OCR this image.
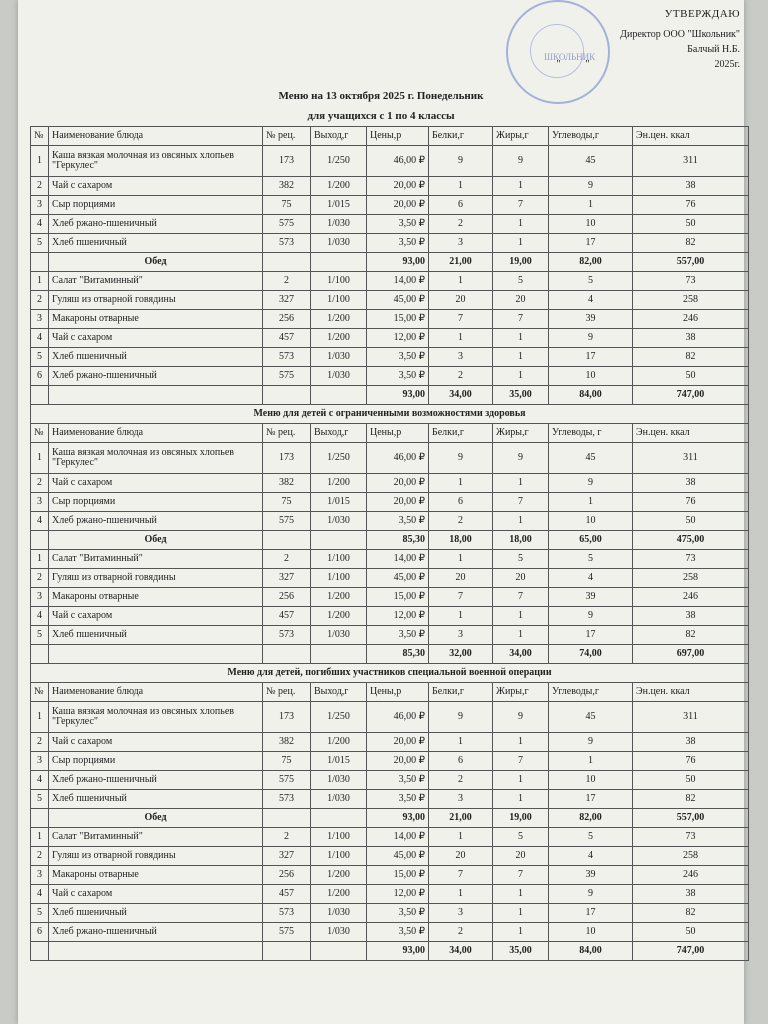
ШКОЛЬНИК
УТВЕРЖДАЮ
Директор ООО "Школьник"
Балчый Н.Б.
"	"	2025г.
Меню на 13 октября 2025 г. Понедельник
для учащихся с 1 по 4 классы
№	Наименование блюда	№ рец.	Выход,г	Цены,р	Белки,г	Жиры,г	Углеводы,г	Эн.цен. ккал
1	Каша вязкая молочная из овсяных хлопьев "Геркулес"	173	1/250	46,00 ₽	9	9	45	311
2	Чай с сахаром	382	1/200	20,00 ₽	1	1	9	38
3	Сыр порциями	75	1/015	20,00 ₽	6	7	1	76
4	Хлеб ржано-пшеничный	575	1/030	3,50 ₽	2	1	10	50
5	Хлеб пшеничный	573	1/030	3,50 ₽	3	1	17	82
	Обед			93,00	21,00	19,00	82,00	557,00
1	Салат "Витаминный"	2	1/100	14,00 ₽	1	5	5	73
2	Гуляш из отварной говядины	327	1/100	45,00 ₽	20	20	4	258
3	Макароны отварные	256	1/200	15,00 ₽	7	7	39	246
4	Чай с сахаром	457	1/200	12,00 ₽	1	1	9	38
5	Хлеб пшеничный	573	1/030	3,50 ₽	3	1	17	82
6	Хлеб ржано-пшеничный	575	1/030	3,50 ₽	2	1	10	50
				93,00	34,00	35,00	84,00	747,00
Меню для детей с ограниченными возможностями здоровья								
№	Наименование блюда	№ рец.	Выход,г	Цены,р	Белки,г	Жиры,г	Углеводы, г	Эн.цен. ккал
1	Каша вязкая молочная из овсяных хлопьев "Геркулес"	173	1/250	46,00 ₽	9	9	45	311
2	Чай с сахаром	382	1/200	20,00 ₽	1	1	9	38
3	Сыр порциями	75	1/015	20,00 ₽	6	7	1	76
4	Хлеб ржано-пшеничный	575	1/030	3,50 ₽	2	1	10	50
	Обед			85,30	18,00	18,00	65,00	475,00
1	Салат "Витаминный"	2	1/100	14,00 ₽	1	5	5	73
2	Гуляш из отварной говядины	327	1/100	45,00 ₽	20	20	4	258
3	Макароны отварные	256	1/200	15,00 ₽	7	7	39	246
4	Чай с сахаром	457	1/200	12,00 ₽	1	1	9	38
5	Хлеб пшеничный	573	1/030	3,50 ₽	3	1	17	82
				85,30	32,00	34,00	74,00	697,00
Меню для детей, погибших участников специальной военной операции								
№	Наименование блюда	№ рец.	Выход,г	Цены,р	Белки,г	Жиры,г	Углеводы,г	Эн.цен. ккал
1	Каша вязкая молочная из овсяных хлопьев "Геркулес"	173	1/250	46,00 ₽	9	9	45	311
2	Чай с сахаром	382	1/200	20,00 ₽	1	1	9	38
3	Сыр порциями	75	1/015	20,00 ₽	6	7	1	76
4	Хлеб ржано-пшеничный	575	1/030	3,50 ₽	2	1	10	50
5	Хлеб пшеничный	573	1/030	3,50 ₽	3	1	17	82
	Обед			93,00	21,00	19,00	82,00	557,00
1	Салат "Витаминный"	2	1/100	14,00 ₽	1	5	5	73
2	Гуляш из отварной говядины	327	1/100	45,00 ₽	20	20	4	258
3	Макароны отварные	256	1/200	15,00 ₽	7	7	39	246
4	Чай с сахаром	457	1/200	12,00 ₽	1	1	9	38
5	Хлеб пшеничный	573	1/030	3,50 ₽	3	1	17	82
6	Хлеб ржано-пшеничный	575	1/030	3,50 ₽	2	1	10	50
				93,00	34,00	35,00	84,00	747,00
